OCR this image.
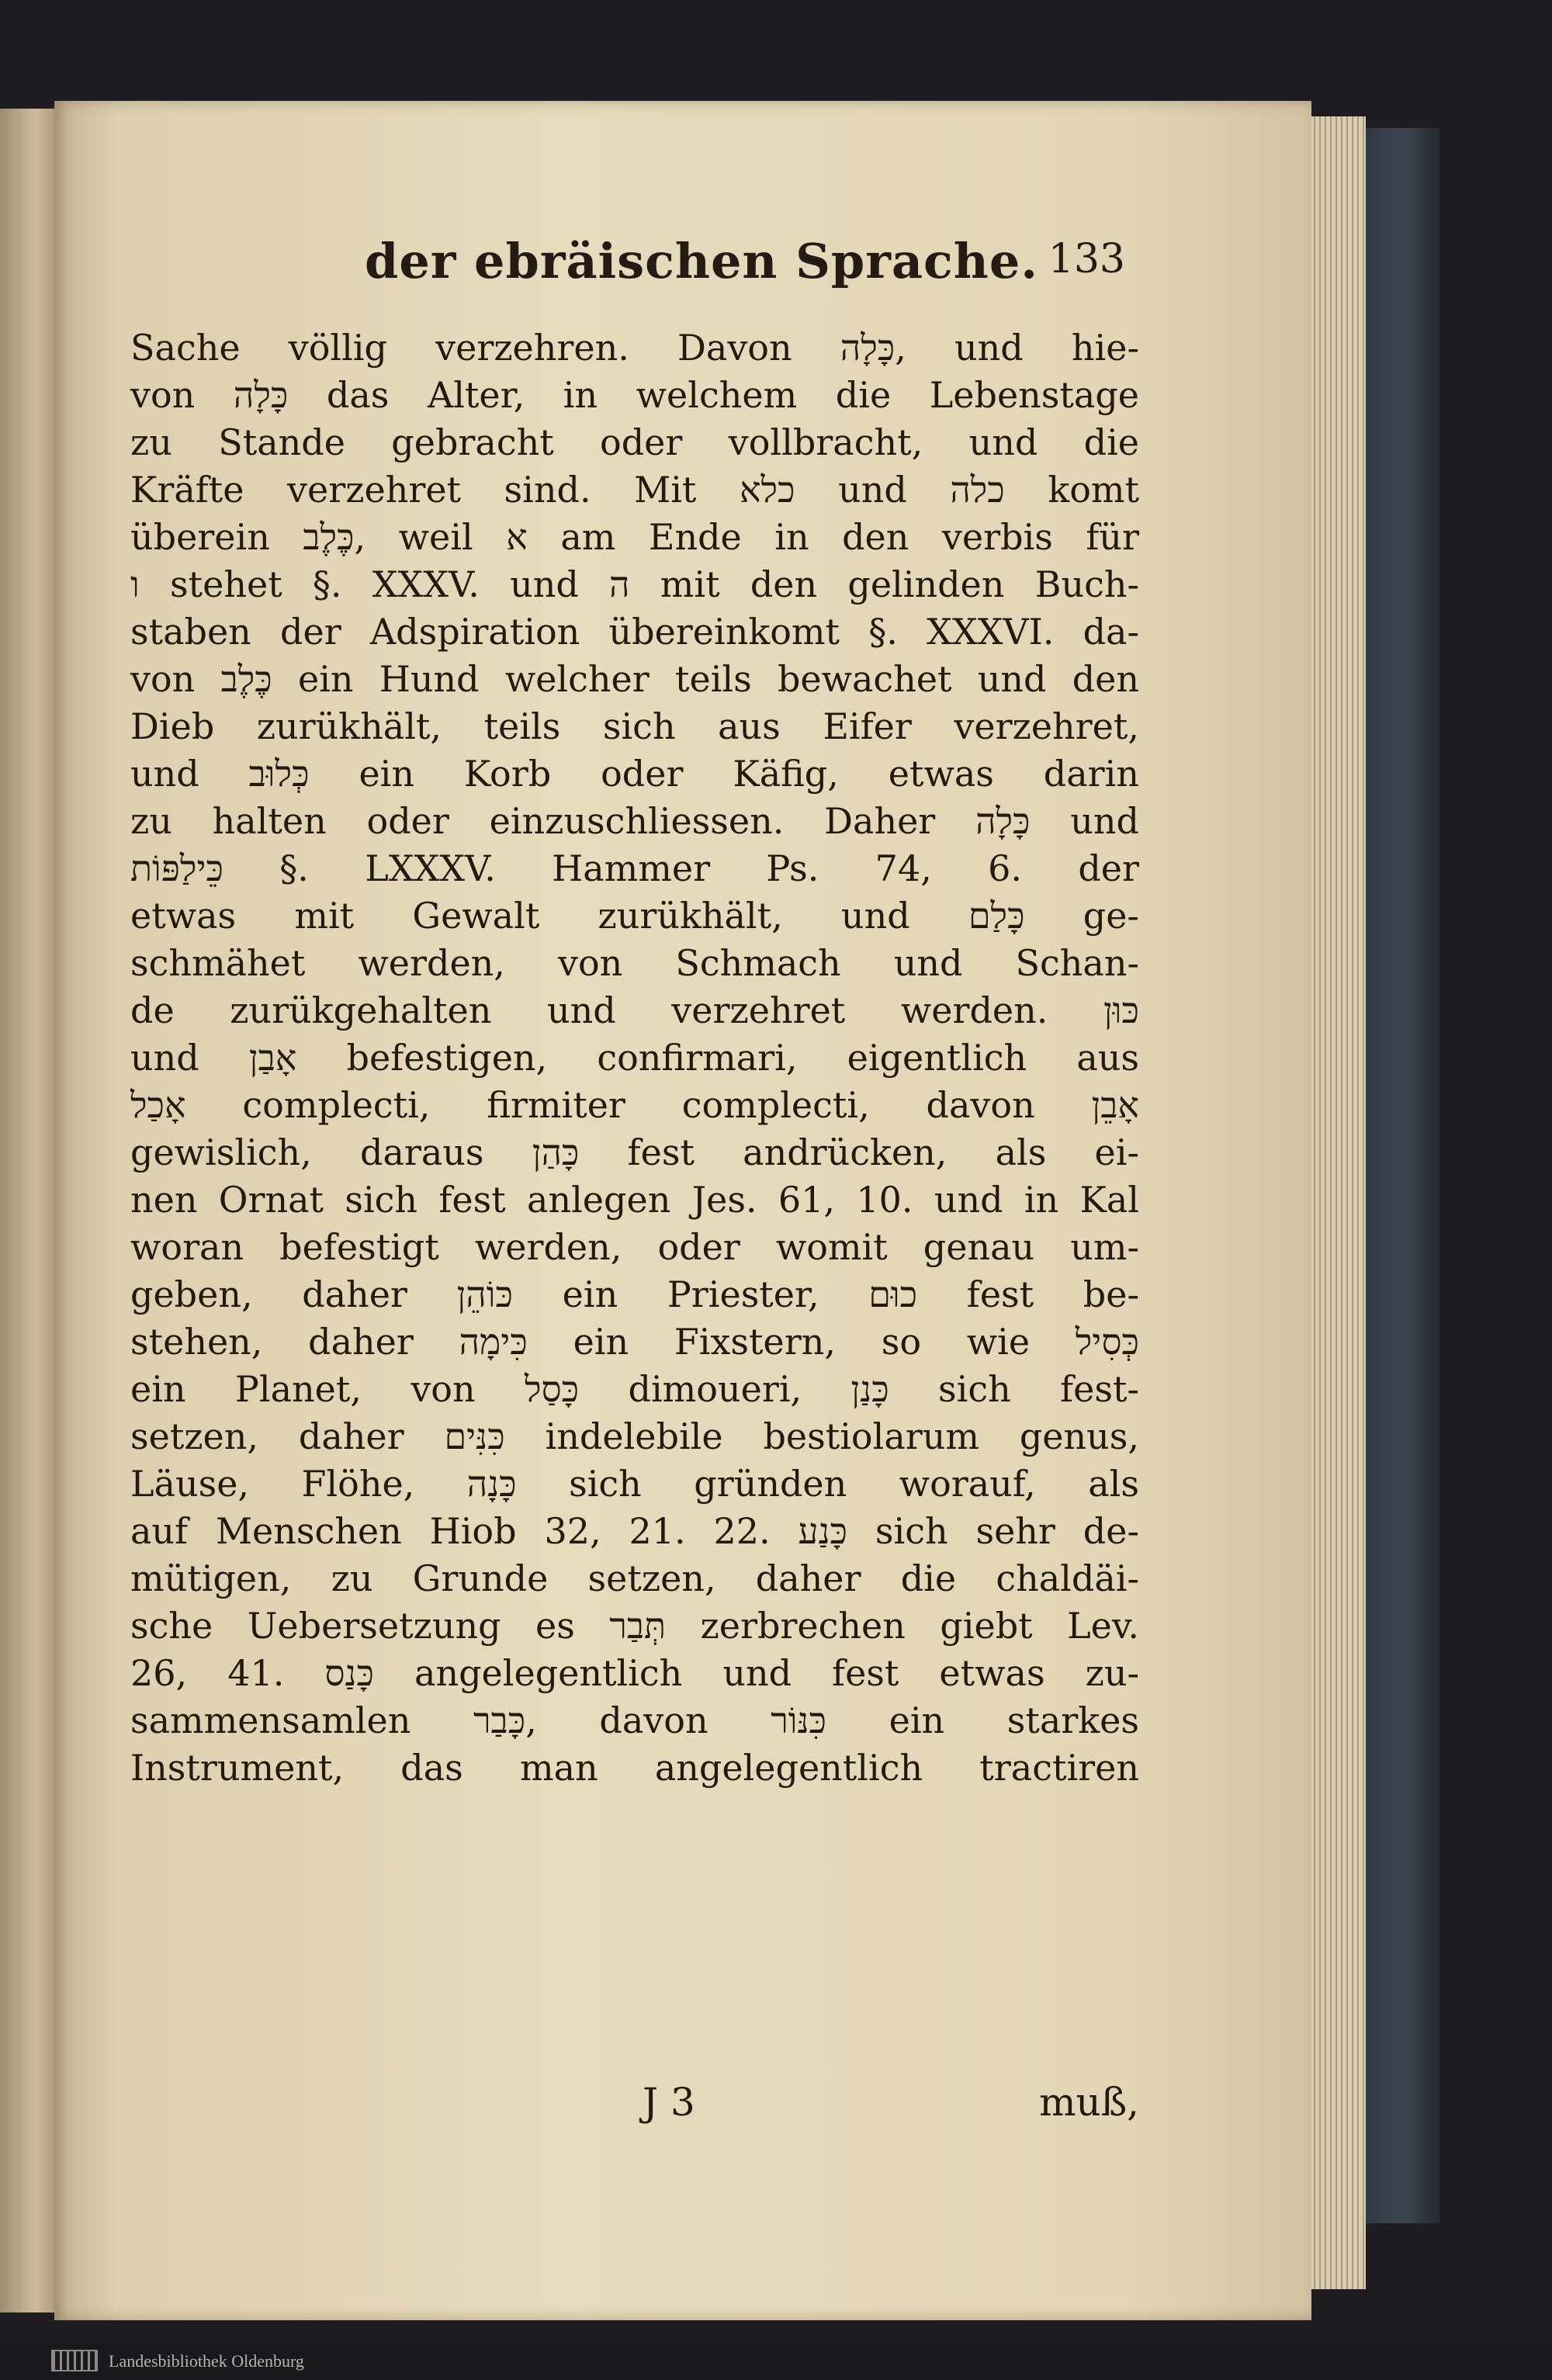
der ebräischen Sprache. 133
Sache völlig verzehren. Davon כָּלָה, und hie-
von כָּלָה das Alter, in welchem die Lebenstage
zu Stande gebracht oder vollbracht, und die
Kräfte verzehret sind. Mit כלא und כלה komt
überein כֶּלֶב, weil א am Ende in den verbis für
ו stehet §. XXXV. und ה mit den gelinden Buch-
staben der Adspiration übereinkomt §. XXXVI. da-
von כֶּלֶב ein Hund welcher teils bewachet und den
Dieb zurükhält, teils sich aus Eifer verzehret,
und כְּלוּב ein Korb oder Käfig, etwas darin
zu halten oder einzuschliessen. Daher כָּלָה und
כֵּילַפּוֹת §. LXXXV. Hammer Ps. 74, 6. der
etwas mit Gewalt zurükhält, und כָּלַם ge-
schmähet werden, von Schmach und Schan-
de zurükgehalten und verzehret werden. כּוּן
und אָבַן befestigen, confirmari, eigentlich aus
אָכַל complecti, firmiter complecti, davon אָבֵן
gewislich, daraus כָּהַן fest andrücken, als ei-
nen Ornat sich fest anlegen Jes. 61, 10. und in Kal
woran befestigt werden, oder womit genau um-
geben, daher כּוֹהֵן ein Priester, כוּם fest be-
stehen, daher כִּימָה ein Fixstern, so wie כְּסִיל
ein Planet, von כָּסַל dimoueri, כָּנַן sich fest-
setzen, daher כִּנִּים indelebile bestiolarum genus,
Läuse, Flöhe, כָּנָה sich gründen worauf, als
auf Menschen Hiob 32, 21. 22. כָּנַע sich sehr de-
mütigen, zu Grunde setzen, daher die chaldäi-
sche Uebersetzung es תְּבַר zerbrechen giebt Lev.
26, 41. כָּנַס angelegentlich und fest etwas zu-
sammensamlen כָּבַר, davon כִּנּוֹר ein starkes
Instrument, das man angelegentlich tractiren
J 3	muß,
Landesbibliothek Oldenburg
